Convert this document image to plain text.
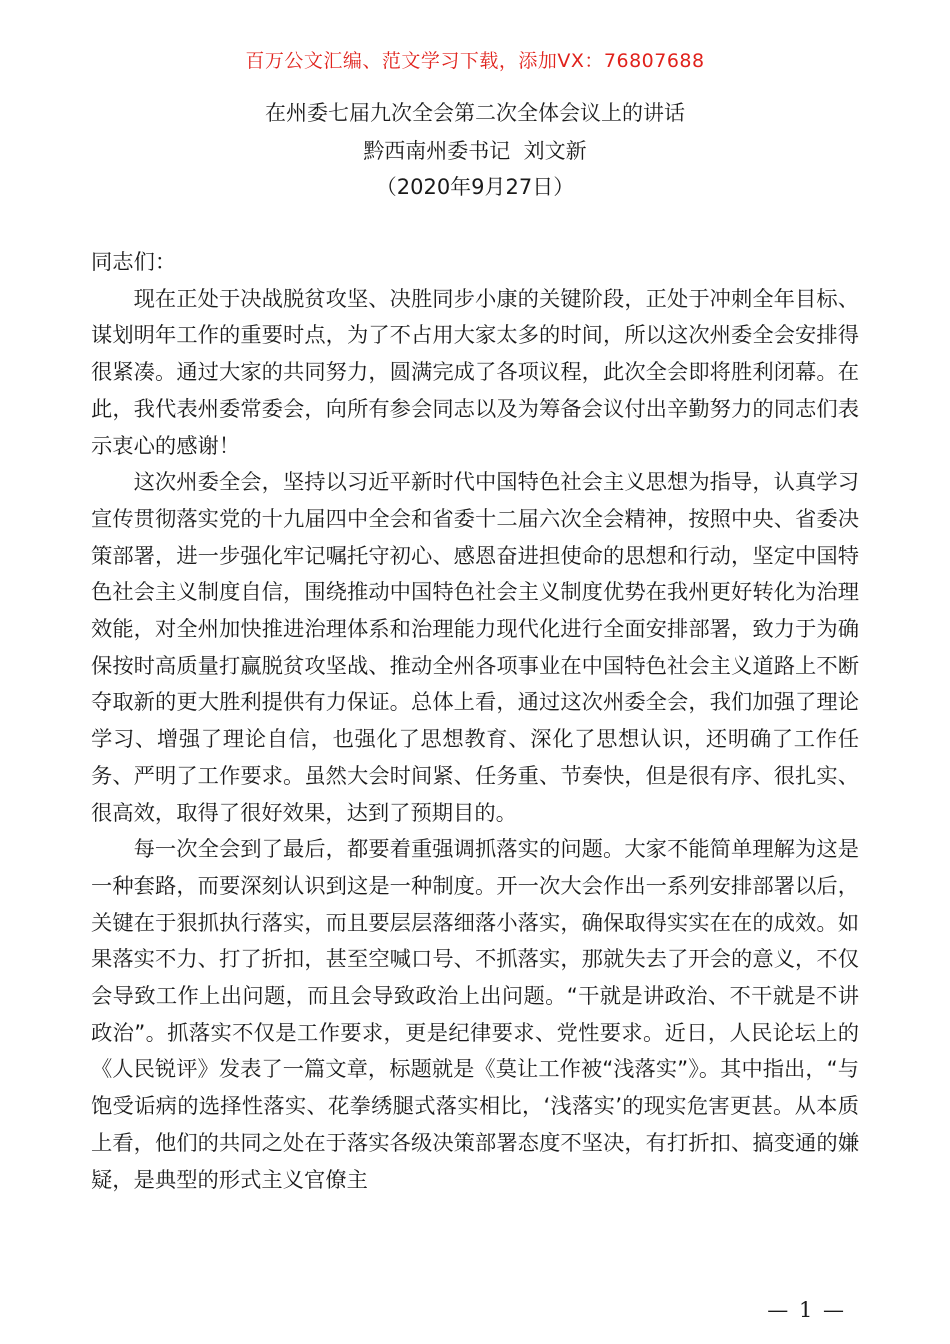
百万公文汇编、范文学习下载，添加VX：76807688
在州委七届九次全会第二次全体会议上的讲话
黔西南州委书记  刘文新
（2020年9月27日）

同志们：

现在正处于决战脱贫攻坚、决胜同步小康的关键阶段，正处于冲刺全年目标、谋划明年工作的重要时点，为了不占用大家太多的时间，所以这次州委全会安排得很紧凑。通过大家的共同努力，圆满完成了各项议程，此次全会即将胜利闭幕。在此，我代表州委常委会，向所有参会同志以及为筹备会议付出辛勤努力的同志们表示衷心的感谢！

这次州委全会，坚持以习近平新时代中国特色社会主义思想为指导，认真学习宣传贯彻落实党的十九届四中全会和省委十二届六次全会精神，按照中央、省委决策部署，进一步强化牢记嘱托守初心、感恩奋进担使命的思想和行动，坚定中国特色社会主义制度自信，围绕推动中国特色社会主义制度优势在我州更好转化为治理效能，对全州加快推进治理体系和治理能力现代化进行全面安排部署，致力于为确保按时高质量打赢脱贫攻坚战、推动全州各项事业在中国特色社会主义道路上不断夺取新的更大胜利提供有力保证。总体上看，通过这次州委全会，我们加强了理论学习、增强了理论自信，也强化了思想教育、深化了思想认识，还明确了工作任务、严明了工作要求。虽然大会时间紧、任务重、节奏快，但是很有序、很扎实、很高效，取得了很好效果，达到了预期目的。

每一次全会到了最后，都要着重强调抓落实的问题。大家不能简单理解为这是一种套路，而要深刻认识到这是一种制度。开一次大会作出一系列安排部署以后，关键在于狠抓执行落实，而且要层层落细落小落实，确保取得实实在在的成效。如果落实不力、打了折扣，甚至空喊口号、不抓落实，那就失去了开会的意义，不仅会导致工作上出问题，而且会导致政治上出问题。“干就是讲政治、不干就是不讲政治”。抓落实不仅是工作要求，更是纪律要求、党性要求。近日，人民论坛上的《人民锐评》发表了一篇文章，标题就是《莫让工作被“浅落实”》。其中指出，“与饱受诟病的选择性落实、花拳绣腿式落实相比，‘浅落实’的现实危害更甚。从本质上看，他们的共同之处在于落实各级决策部署态度不坚决，有打折扣、搞变通的嫌疑，是典型的形式主义官僚主

— 1 —
